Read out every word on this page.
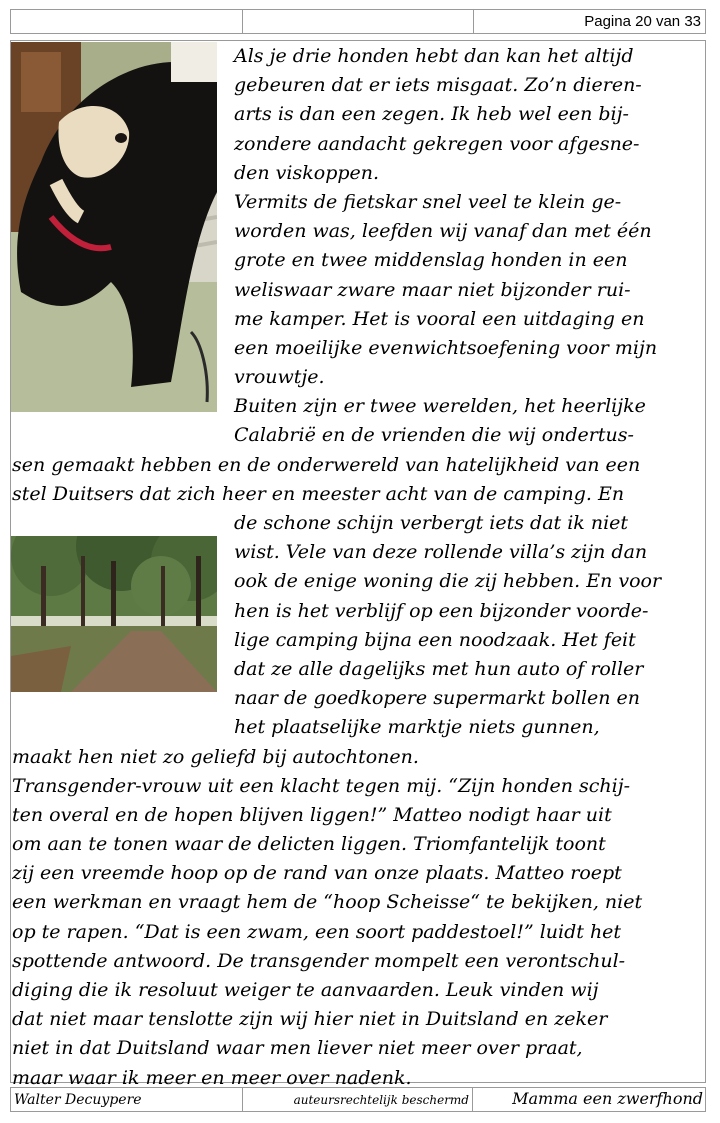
Pagina 20 van 33
Als je drie honden hebt dan kan het altijd
gebeuren dat er iets misgaat. Zo’n dieren-
arts is dan een zegen. Ik heb wel een bij-
zondere aandacht gekregen voor afgesne-
den viskoppen.
Vermits de fietskar snel veel te klein ge-
worden was, leefden wij vanaf dan met één
grote en twee middenslag honden in een
weliswaar zware maar niet bijzonder rui-
me kamper. Het is vooral een uitdaging en
een moeilijke evenwichtsoefening voor mijn
vrouwtje.
Buiten zijn er twee werelden, het heerlijke
Calabrië en de vrienden die wij ondertus-
sen gemaakt hebben en de onderwereld van hatelijkheid van een
stel Duitsers dat zich heer en meester acht van de camping. En
de schone schijn verbergt iets dat ik niet
wist. Vele van deze rollende villa’s zijn dan
ook de enige woning die zij hebben. En voor
hen is het verblijf op een bijzonder voorde-
lige camping bijna een noodzaak. Het feit
dat ze alle dagelijks met hun auto of roller
naar de goedkopere supermarkt bollen en
het plaatselijke marktje niets gunnen,
maakt hen niet zo geliefd bij autochtonen.
Transgender-vrouw uit een klacht tegen mij. “Zijn honden schij-
ten overal en de hopen blijven liggen!” Matteo nodigt haar uit
om aan te tonen waar de delicten liggen. Triomfantelijk toont
zij een vreemde hoop op de rand van onze plaats. Matteo roept
een werkman en vraagt hem de “hoop Scheisse“ te bekijken, niet
op te rapen. “Dat is een zwam, een soort paddestoel!” luidt het
spottende antwoord. De transgender mompelt een verontschul-
diging die ik resoluut weiger te aanvaarden. Leuk vinden wij
dat niet maar tenslotte zijn wij hier niet in Duitsland en zeker
niet in dat Duitsland waar men liever niet meer over praat,
maar waar ik meer en meer over nadenk.
Walter Decuypere	auteursrechtelijk beschermd	Mamma een zwerfhond
